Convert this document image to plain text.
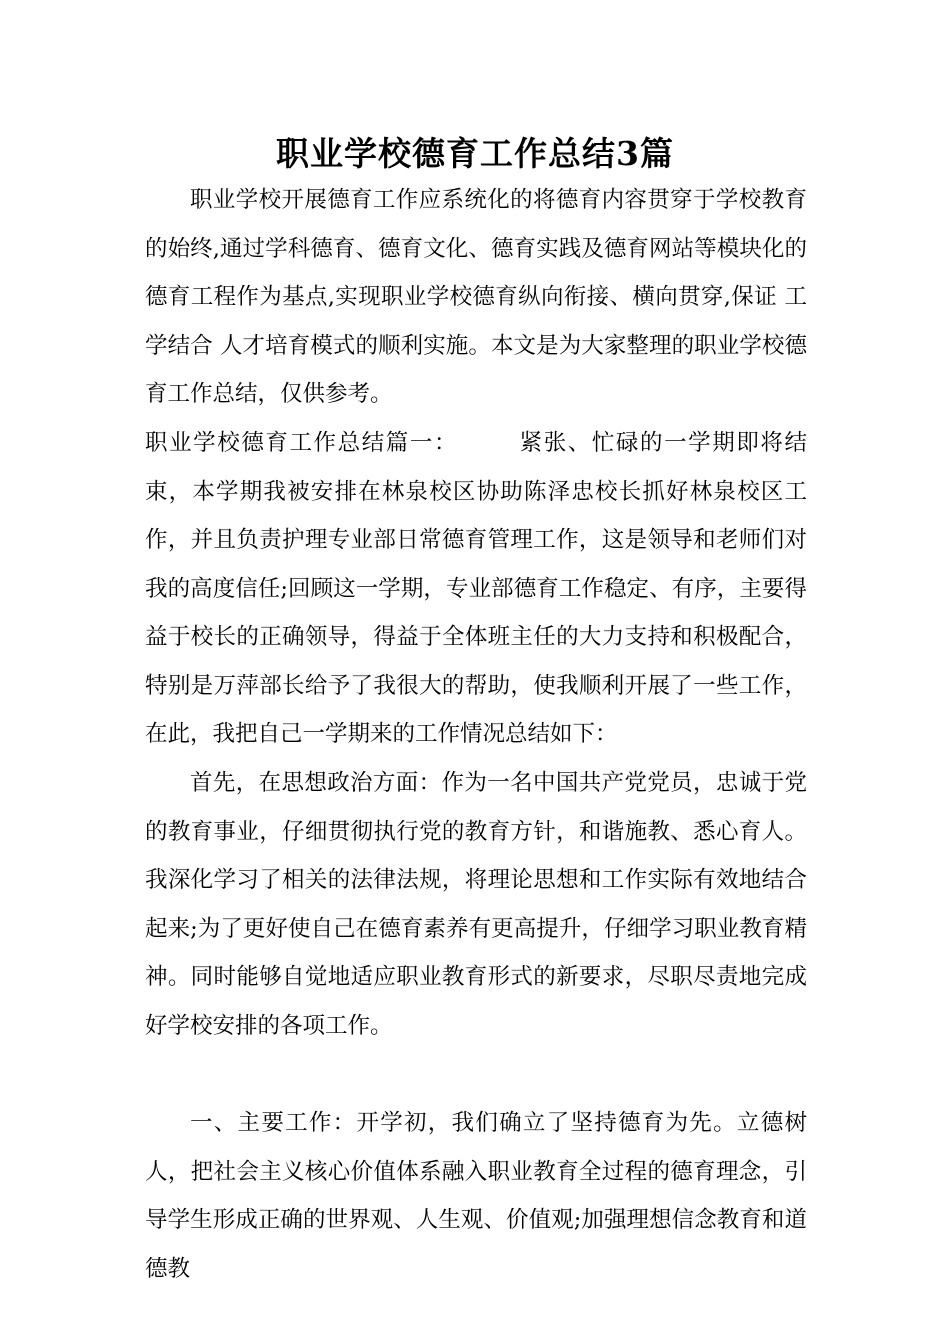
职业学校德育工作总结3篇

职业学校开展德育工作应系统化的将德育内容贯穿于学校教育的始终,通过学科德育、德育文化、德育实践及德育网站等模块化的德育工程作为基点,实现职业学校德育纵向衔接、横向贯穿,保证 工学结合 人才培育模式的顺利实施。本文是为大家整理的职业学校德育工作总结，仅供参考。

职业学校德育工作总结篇一：	紧张、忙碌的一学期即将结束，本学期我被安排在林泉校区协助陈泽忠校长抓好林泉校区工作，并且负责护理专业部日常德育管理工作，这是领导和老师们对我的高度信任;回顾这一学期，专业部德育工作稳定、有序，主要得益于校长的正确领导，得益于全体班主任的大力支持和积极配合，特别是万萍部长给予了我很大的帮助，使我顺利开展了一些工作，在此，我把自己一学期来的工作情况总结如下：

首先，在思想政治方面：作为一名中国共产党党员，忠诚于党的教育事业，仔细贯彻执行党的教育方针，和谐施教、悉心育人。我深化学习了相关的法律法规，将理论思想和工作实际有效地结合起来;为了更好使自己在德育素养有更高提升，仔细学习职业教育精神。同时能够自觉地适应职业教育形式的新要求，尽职尽责地完成好学校安排的各项工作。

一、主要工作：开学初，我们确立了坚持德育为先。立德树人，把社会主义核心价值体系融入职业教育全过程的德育理念，引导学生形成正确的世界观、人生观、价值观;加强理想信念教育和道德教
